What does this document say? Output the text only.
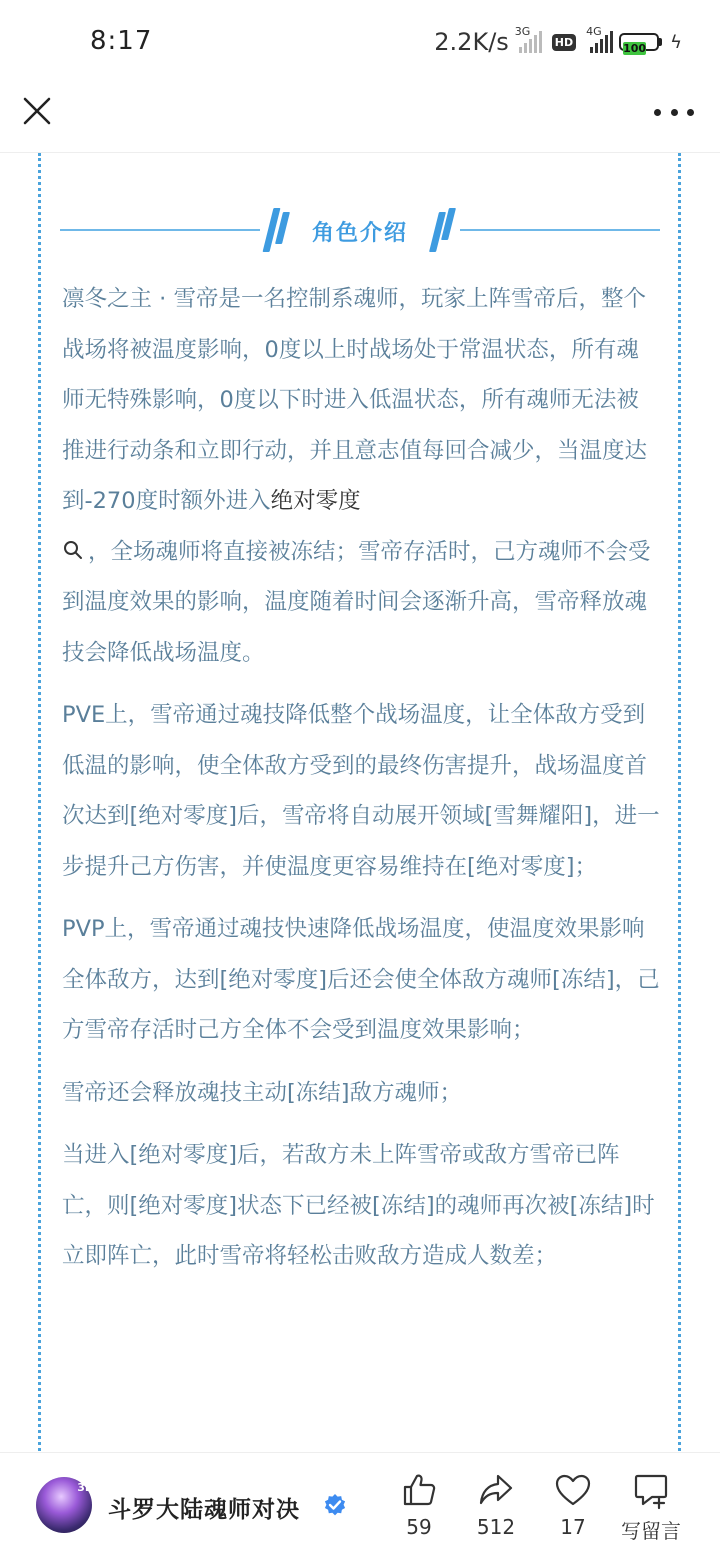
8:17	2.2K/s 3G
HD
4G
100	ϟ
角色介绍

凛冬之主 · 雪帝是一名控制系魂师，玩家上阵雪帝后，整个战场将被温度影响，0度以上时战场处于常温状态，所有魂师无特殊影响，0度以下时进入低温状态，所有魂师无法被推进行动条和立即行动，并且意志值每回合减少，当温度达到-270度时额外进入绝对零度
，全场魂师将直接被冻结；雪帝存活时，己方魂师不会受到温度效果的影响，温度随着时间会逐渐升高，雪帝释放魂技会降低战场温度。

PVE上，雪帝通过魂技降低整个战场温度，让全体敌方受到低温的影响，使全体敌方受到的最终伤害提升，战场温度首次达到[绝对零度]后，雪帝将自动展开领域[雪舞耀阳]，进一步提升己方伤害，并使温度更容易维持在[绝对零度]；

PVP上，雪帝通过魂技快速降低战场温度，使温度效果影响全体敌方，达到[绝对零度]后还会使全体敌方魂师[冻结]，己方雪帝存活时己方全体不会受到温度效果影响；

雪帝还会释放魂技主动[冻结]敌方魂师；

当进入[绝对零度]后，若敌方未上阵雪帝或敌方雪帝已阵亡，则[绝对零度]状态下已经被[冻结]的魂师再次被[冻结]时立即阵亡，此时雪帝将轻松击败敌方造成人数差；

3D
斗罗大陆魂师对决
59	512	17	写留言
